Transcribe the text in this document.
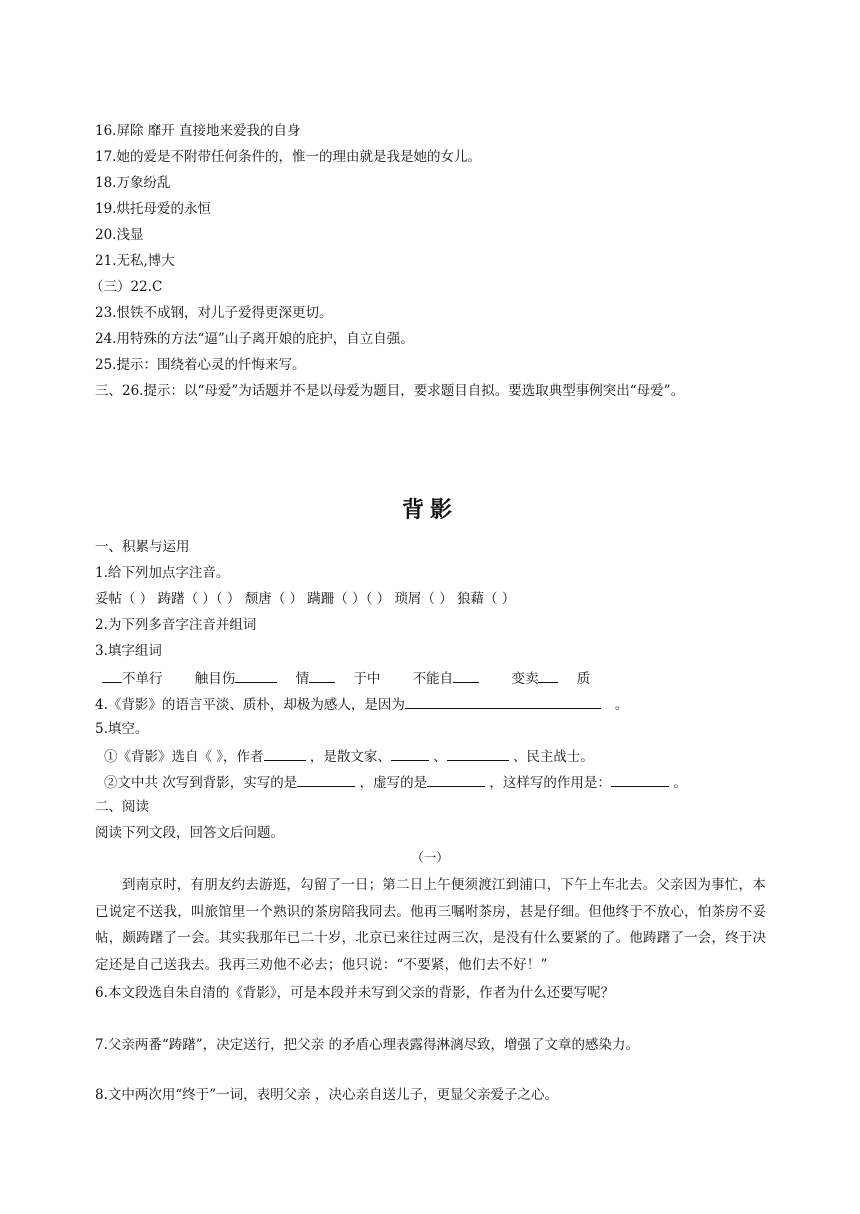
16.屏除 靡开 直接地来爱我的自身
17.她的爱是不附带任何条件的，惟一的理由就是我是她的女儿。
18.万象纷乱
19.烘托母爱的永恒
20.浅显
21.无私,博大
（三）22.C
23.恨铁不成钢，对儿子爱得更深更切。
24.用特殊的方法“逼”山子离开娘的庇护，自立自强。
25.提示：围绕着心灵的忏悔来写。
三、26.提示：以“母爱”为话题并不是以母爱为题目，要求题目自拟。要选取典型事例突出“母爱”。
背影
一、积累与运用
1.给下列加点字注音。
妥帖（ ） 踌躇（ ）（ ） 颓唐（ ） 蹒跚（ ）（ ） 琐屑（ ） 狼藉（ ）
2.为下列多音字注音并组词
3.填字组词
不单行 触目伤	情	于中 不能自	变卖	质
4.《背影》的语言平淡、质朴，却极为感人，是因为	。
5.填空。
①《背影》选自《 》，作者	，是散文家、	、	、民主战士。
②文中共 次写到背影，实写的是	，虚写的是	，这样写的作用是：	。
二、阅读
阅读下列文段，回答文后问题。
（一）
到南京时，有朋友约去游逛，勾留了一日；第二日上午便须渡江到浦口，下午上车北去。父亲因为事忙，本已说定不送我，叫旅馆里一个熟识的茶房陪我同去。他再三嘱咐茶房，甚是仔细。但他终于不放心，怕茶房不妥帖，颇踌躇了一会。其实我那年已二十岁，北京已来往过两三次，是没有什么要紧的了。他踌躇了一会，终于决定还是自己送我去。我再三劝他不必去；他只说：“不要紧，他们去不好！”
6.本文段选自朱自清的《背影》，可是本段并未写到父亲的背影，作者为什么还要写呢？
7.父亲两番“踌躇”，决定送行，把父亲 的矛盾心理表露得淋漓尽致，增强了文章的感染力。
8.文中两次用“终于”一词，表明父亲 ，决心亲自送儿子，更显父亲爱子之心。
